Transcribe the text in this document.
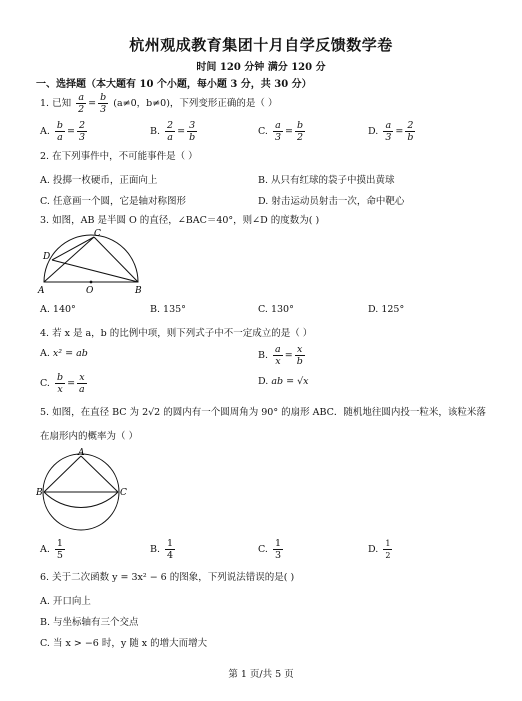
杭州观成教育集团十月自学反馈数学卷
时间 120 分钟 满分 120 分
一、选择题（本大题有 10 个小题，每小题 3 分，共 30 分）
1. 已知 $\frac{a}{2} = \frac{b}{3} (a\ne 0$，b≠0)，下列变形正确的是（ ）
A. $\frac{b}{a} = \frac{2}{3}$	B. $\frac{2}{a} = \frac{3}{b}$	C. $\frac{a}{3} = \frac{b}{2}$	D. $\frac{a}{3} = \frac{2}{b}$
2. 在下列事件中，不可能事件是（ ）
A. 投掷一枚硬币，正面向上	B. 从只有红球的袋子中摸出黄球
C. 任意画一个圆，它是轴对称图形	D. 射击运动员射击一次，命中靶心
3. 如图，AB 是半圆 O 的直径，∠BAC＝40°，则∠D 的度数为( )
C
D
A	O	B
A. 140°	B. 135°	C. 130°	D. 125°
4. 若 x 是 a，b 的比例中项，则下列式子中不一定成立的是（ ）
A. x² = ab	B. $\frac{a}{x} = \frac{x}{b}$
C. $\frac{b}{x} = \frac{x}{a}$	D. ab = √x
5. 如图，在直径 BC 为 2√2 的圆内有一个圆周角为 90° 的扇形 ABC．随机地往圆内投一粒米，该粒米落
在扇形内的概率为（ ）
A
B	C
A. $\frac{1}{5}$	B. $\frac{1}{4}$	C. $\frac{1}{3}$	D. $\frac{1}{2}$
6. 关于二次函数 y = 3x² − 6 的图象，下列说法错误的是( )
A. 开口向上
B. 与坐标轴有三个交点
C. 当 x > −6 时，y 随 x 的增大而增大
第 1 页/共 5 页
